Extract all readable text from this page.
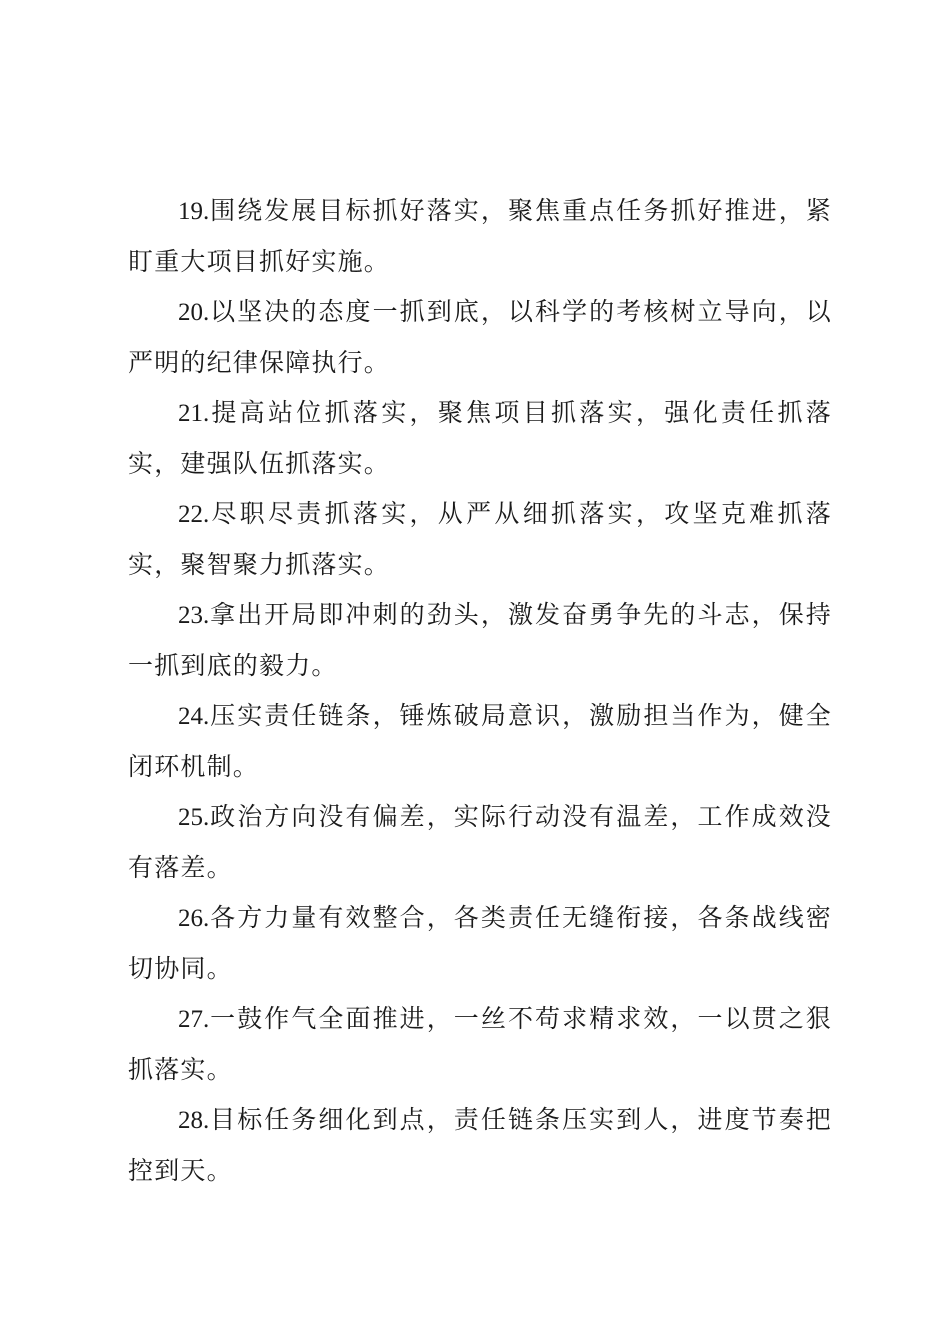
19.围绕发展目标抓好落实，聚焦重点任务抓好推进，紧盯重大项目抓好实施。

20.以坚决的态度一抓到底，以科学的考核树立导向，以严明的纪律保障执行。

21.提高站位抓落实，聚焦项目抓落实，强化责任抓落实，建强队伍抓落实。

22.尽职尽责抓落实，从严从细抓落实，攻坚克难抓落实，聚智聚力抓落实。

23.拿出开局即冲刺的劲头，激发奋勇争先的斗志，保持一抓到底的毅力。

24.压实责任链条，锤炼破局意识，激励担当作为，健全闭环机制。

25.政治方向没有偏差，实际行动没有温差，工作成效没有落差。

26.各方力量有效整合，各类责任无缝衔接，各条战线密切协同。

27.一鼓作气全面推进，一丝不苟求精求效，一以贯之狠抓落实。

28.目标任务细化到点，责任链条压实到人，进度节奏把控到天。
